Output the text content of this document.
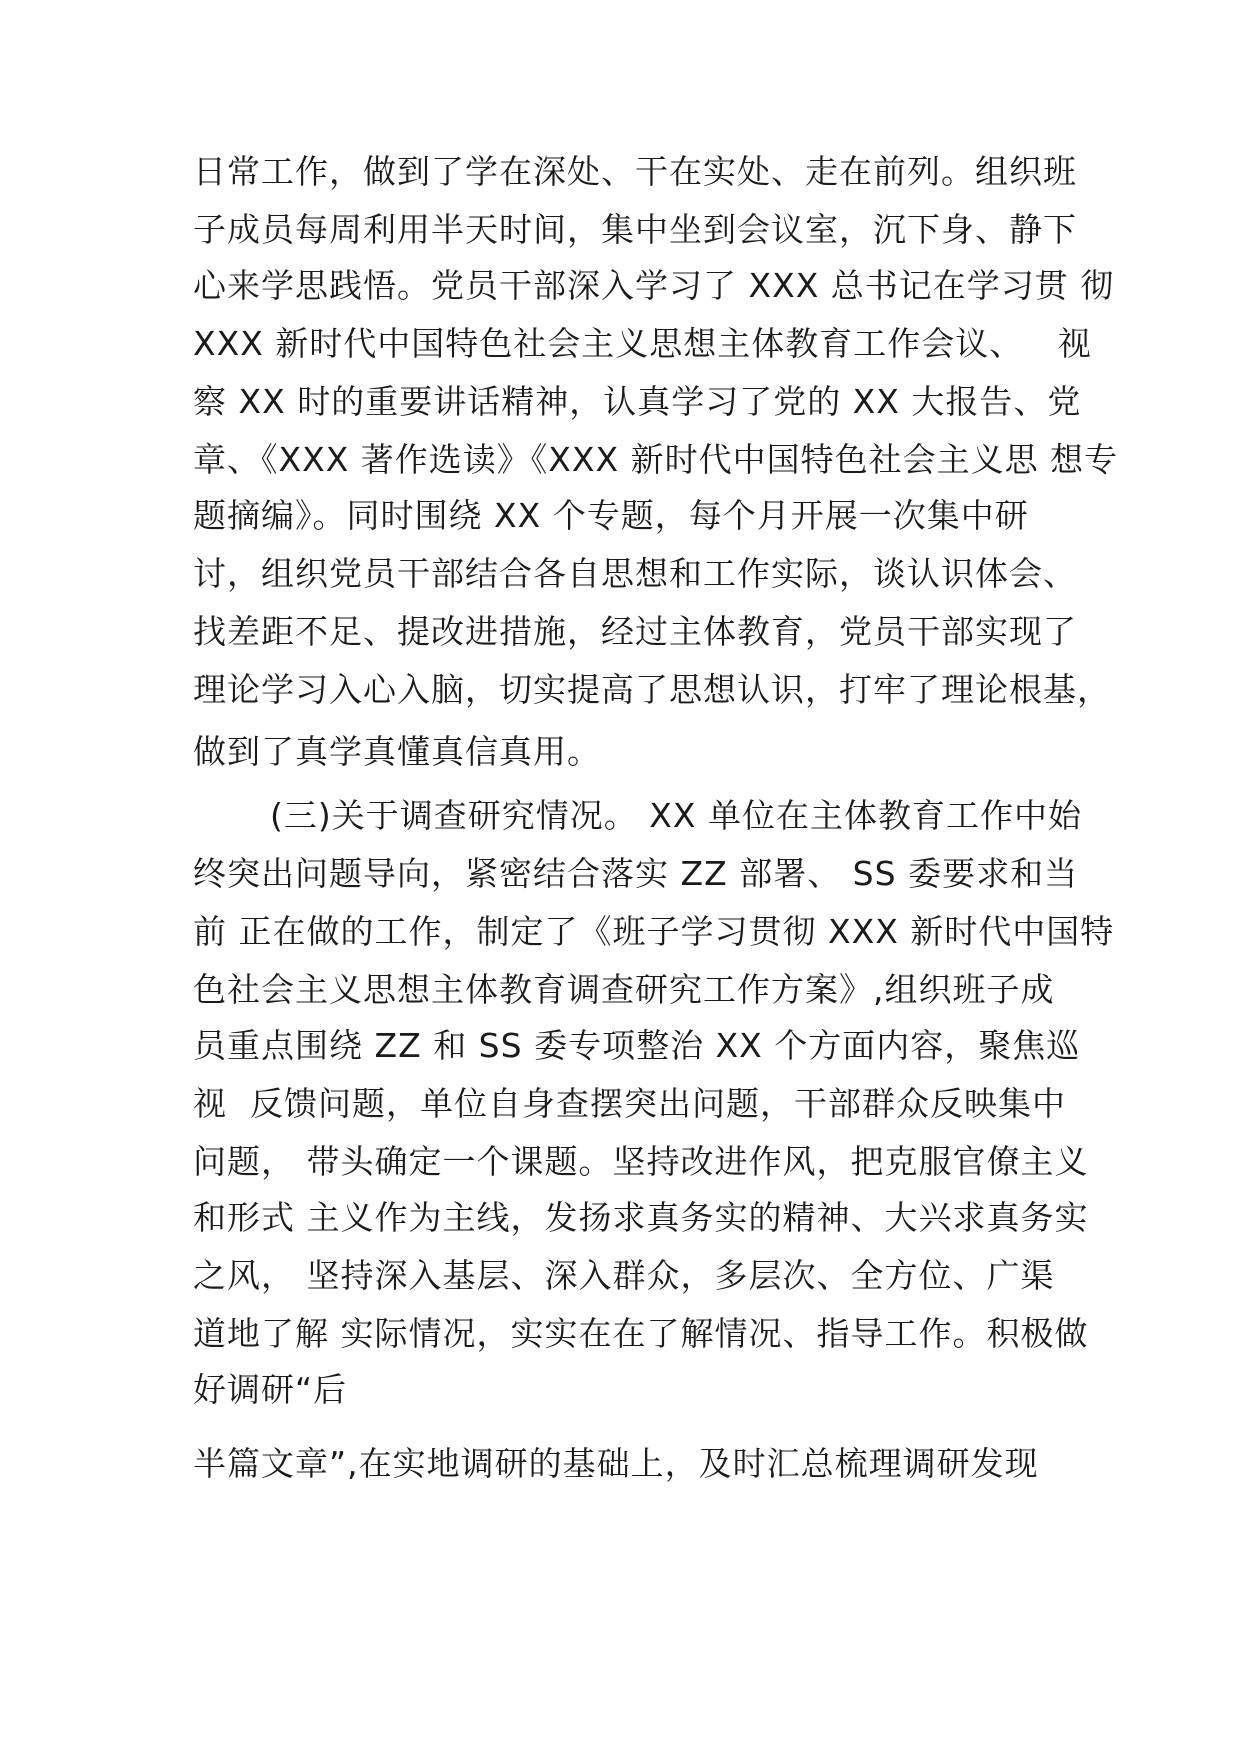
日常工作，做到了学在深处、干在实处、走在前列。组织班
子成员每周利用半天时间，集中坐到会议室，沉下身、静下
心来学思践悟。党员干部深入学习了 XXX 总书记在学习贯 彻
XXX 新时代中国特色社会主义思想主体教育工作会议、   视
察 XX 时的重要讲话精神，认真学习了党的 XX 大报告、党
章、《XXX 著作选读》《XXX 新时代中国特色社会主义思 想专
题摘编》。同时围绕 XX 个专题，每个月开展一次集中研
讨，组织党员干部结合各自思想和工作实际，谈认识体会、
找差距不足、提改进措施，经过主体教育，党员干部实现了
理论学习入心入脑，切实提高了思想认识，打牢了理论根基，
做到了真学真懂真信真用。
(三)关于调查研究情况。 XX 单位在主体教育工作中始
终突出问题导向，紧密结合落实 ZZ 部署、 SS 委要求和当
前 正在做的工作，制定了《班子学习贯彻 XXX 新时代中国特
色社会主义思想主体教育调查研究工作方案》,组织班子成
员重点围绕 ZZ 和 SS 委专项整治 XX 个方面内容，聚焦巡
视  反馈问题，单位自身查摆突出问题，干部群众反映集中
问题， 带头确定一个课题。坚持改进作风，把克服官僚主义
和形式 主义作为主线，发扬求真务实的精神、大兴求真务实
之风， 坚持深入基层、深入群众，多层次、全方位、广渠
道地了解 实际情况，实实在在了解情况、指导工作。积极做
好调研“后
半篇文章”,在实地调研的基础上，及时汇总梳理调研发现
